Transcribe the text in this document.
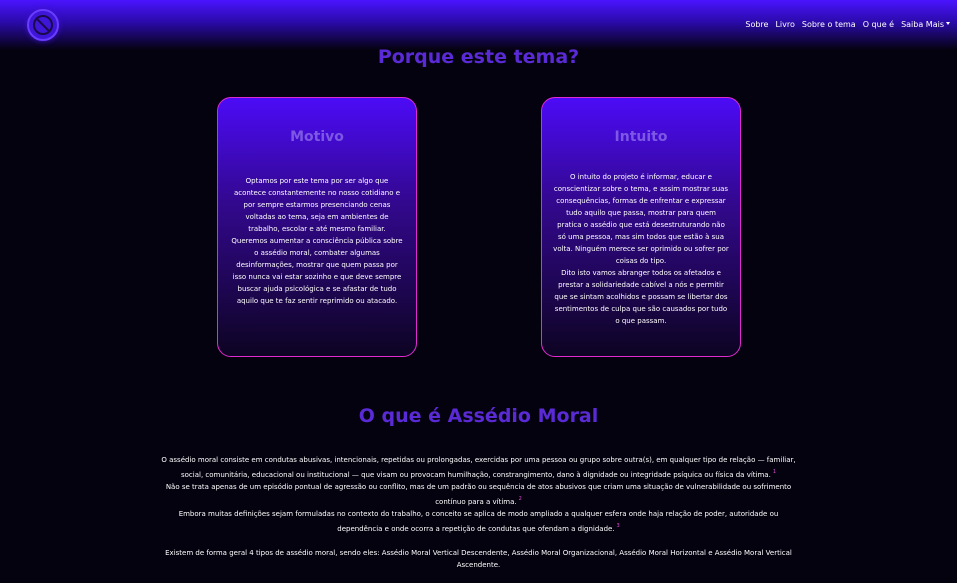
Sobre Livro Sobre o tema O que é Saiba Mais
Porque este tema?
Motivo
Optamos por este tema por ser algo que acontece constantemente no nosso cotidiano e por sempre estarmos presenciando cenas voltadas ao tema, seja em ambientes de trabalho, escolar e até mesmo familiar.
Queremos aumentar a consciência pública sobre o assédio moral, combater algumas desinformações, mostrar que quem passa por isso nunca vai estar sozinho e que deve sempre buscar ajuda psicológica e se afastar de tudo aquilo que te faz sentir reprimido ou atacado.
Intuito
O intuito do projeto é informar, educar e conscientizar sobre o tema, e assim mostrar suas consequências, formas de enfrentar e expressar tudo aquilo que passa, mostrar para quem pratica o assédio que está desestruturando não só uma pessoa, mas sim todos que estão à sua volta. Ninguém merece ser oprimido ou sofrer por coisas do tipo.
Dito isto vamos abranger todos os afetados e prestar a solidariedade cabível a nós e permitir que se sintam acolhidos e possam se libertar dos sentimentos de culpa que são causados por tudo o que passam.
O que é Assédio Moral
O assédio moral consiste em condutas abusivas, intencionais, repetidas ou prolongadas, exercidas por uma pessoa ou grupo sobre outra(s), em qualquer tipo de relação — familiar, social, comunitária, educacional ou institucional — que visam ou provocam humilhação, constrangimento, dano à dignidade ou integridade psíquica ou física da vítima. $^1$
Não se trata apenas de um episódio pontual de agressão ou conflito, mas de um padrão ou sequência de atos abusivos que criam uma situação de vulnerabilidade ou sofrimento contínuo para a vítima. $^2$
Embora muitas definições sejam formuladas no contexto do trabalho, o conceito se aplica de modo ampliado a qualquer esfera onde haja relação de poder, autoridade ou dependência e onde ocorra a repetição de condutas que ofendam a dignidade. $^3$
Existem de forma geral 4 tipos de assédio moral, sendo eles: Assédio Moral Vertical Descendente, Assédio Moral Organizacional, Assédio Moral Horizontal e Assédio Moral Vertical Ascendente.
